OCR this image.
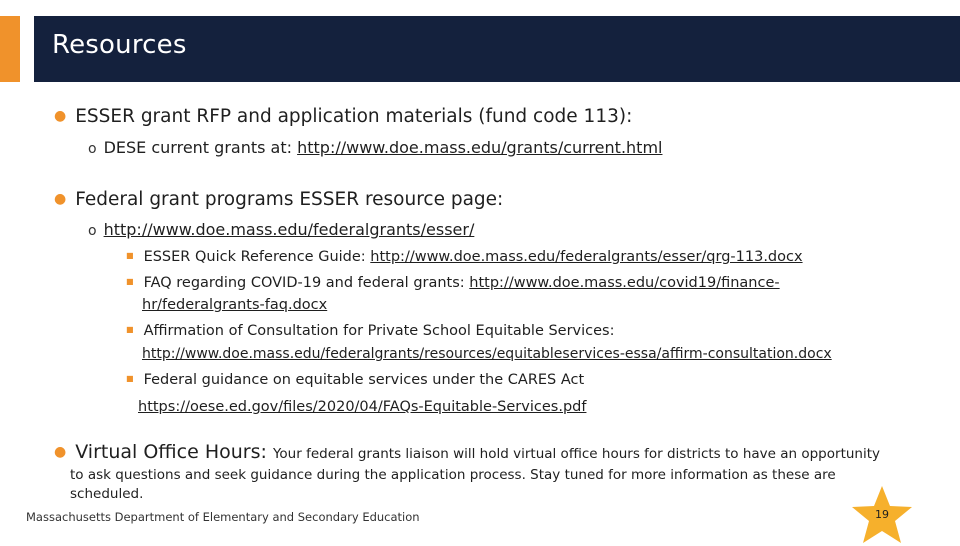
Resources
● ESSER grant RFP and application materials (fund code 113):
o DESE current grants at: http://www.doe.mass.edu/grants/current.html
● Federal grant programs ESSER resource page:
o http://www.doe.mass.edu/federalgrants/esser/
■ ESSER Quick Reference Guide: http://www.doe.mass.edu/federalgrants/esser/qrg-113.docx
■ FAQ regarding COVID-19 and federal grants: http://www.doe.mass.edu/covid19/finance-
hr/federalgrants-faq.docx
■ Affirmation of Consultation for Private School Equitable Services:
http://www.doe.mass.edu/federalgrants/resources/equitableservices-essa/affirm-consultation.docx
■ Federal guidance on equitable services under the CARES Act
https://oese.ed.gov/files/2020/04/FAQs-Equitable-Services.pdf
● Virtual Office Hours: Your federal grants liaison will hold virtual office hours for districts to have an opportunity
to ask questions and seek guidance during the application process. Stay tuned for more information as these are
scheduled.
Massachusetts Department of Elementary and Secondary Education	19
